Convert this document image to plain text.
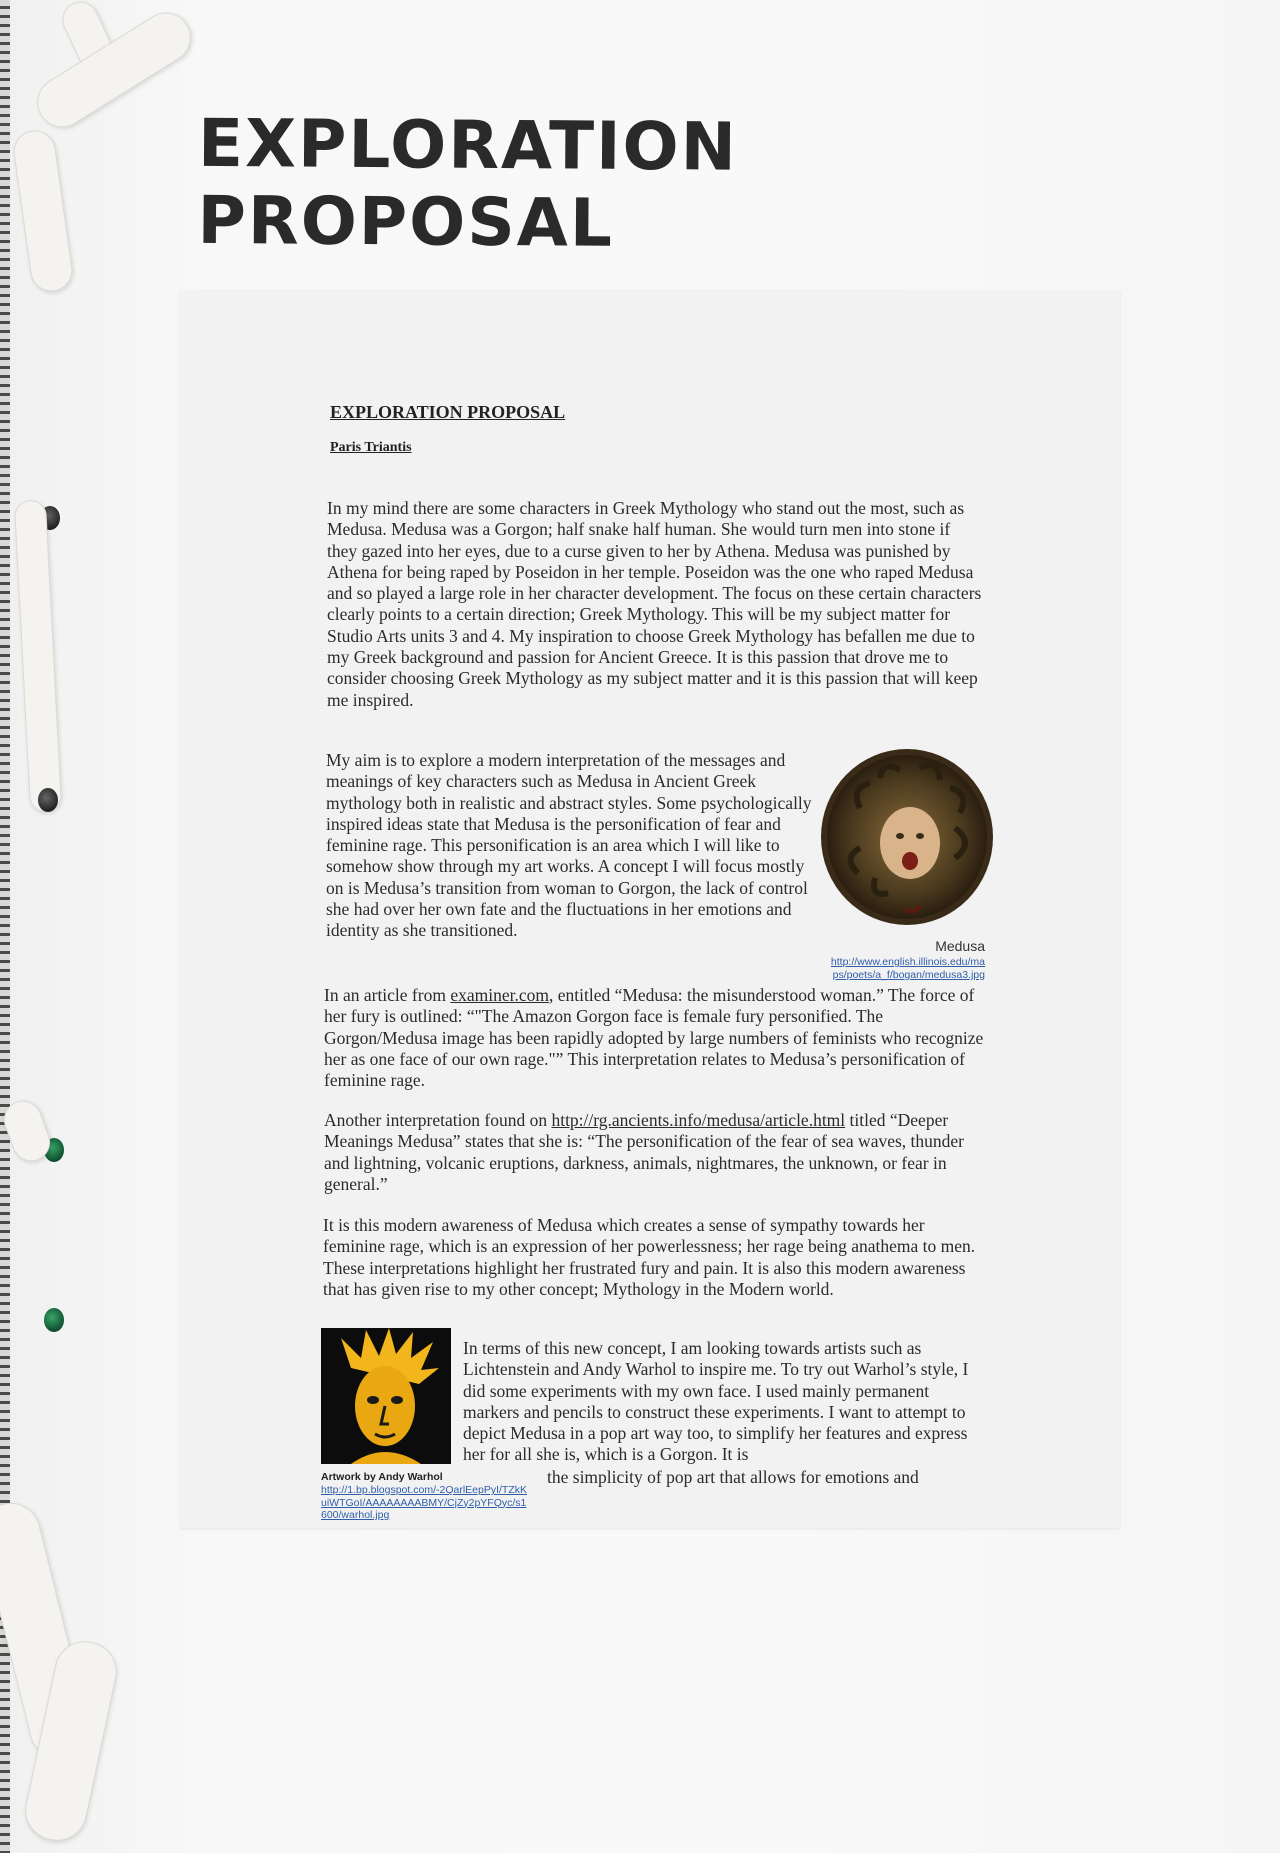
EXPLORATION PROPOSAL
EXPLORATION PROPOSAL

Paris Triantis

In my mind there are some characters in Greek Mythology who stand out the most, such as Medusa. Medusa was a Gorgon; half snake half human. She would turn men into stone if they gazed into her eyes, due to a curse given to her by Athena. Medusa was punished by Athena for being raped by Poseidon in her temple. Poseidon was the one who raped Medusa and so played a large role in her character development. The focus on these certain characters clearly points to a certain direction; Greek Mythology. This will be my subject matter for Studio Arts units 3 and 4. My inspiration to choose Greek Mythology has befallen me due to my Greek background and passion for Ancient Greece. It is this passion that drove me to consider choosing Greek Mythology as my subject matter and it is this passion that will keep me inspired.

My aim is to explore a modern interpretation of the messages and meanings of key characters such as Medusa in Ancient Greek mythology both in realistic and abstract styles. Some psychologically inspired ideas state that Medusa is the personification of fear and feminine rage. This personification is an area which I will like to somehow show through my art works. A concept I will focus mostly on is Medusa’s transition from woman to Gorgon, the lack of control she had over her own fate and the fluctuations in her emotions and identity as she transitioned.

Medusa

http://www.english.illinois.edu/maps/poets/a_f/bogan/medusa3.jpg

In an article from examiner.com, entitled “Medusa: the misunderstood woman.” The force of her fury is outlined: “"The Amazon Gorgon face is female fury personified. The Gorgon/Medusa image has been rapidly adopted by large numbers of feminists who recognize her as one face of our own rage."” This interpretation relates to Medusa’s personification of feminine rage.

Another interpretation found on http://rg.ancients.info/medusa/article.html titled “Deeper Meanings Medusa” states that she is: “The personification of the fear of sea waves, thunder and lightning, volcanic eruptions, darkness, animals, nightmares, the unknown, or fear in general.”

It is this modern awareness of Medusa which creates a sense of sympathy towards her feminine rage, which is an expression of her powerlessness; her rage being anathema to men. These interpretations highlight her frustrated fury and pain. It is also this modern awareness that has given rise to my other concept; Mythology in the Modern world.

Artwork by Andy Warhol

http://1.bp.blogspot.com/-2QarlEepPyI/TZkKuiWTGoI/AAAAAAAABMY/CjZy2pYFQyc/s1600/warhol.jpg

In terms of this new concept, I am looking towards artists such as Lichtenstein and Andy Warhol to inspire me. To try out Warhol’s style, I did some experiments with my own face. I used mainly permanent markers and pencils to construct these experiments. I want to attempt to depict Medusa in a pop art way too, to simplify her features and express her for all she is, which is a Gorgon. It is

the simplicity of pop art that allows for emotions and
